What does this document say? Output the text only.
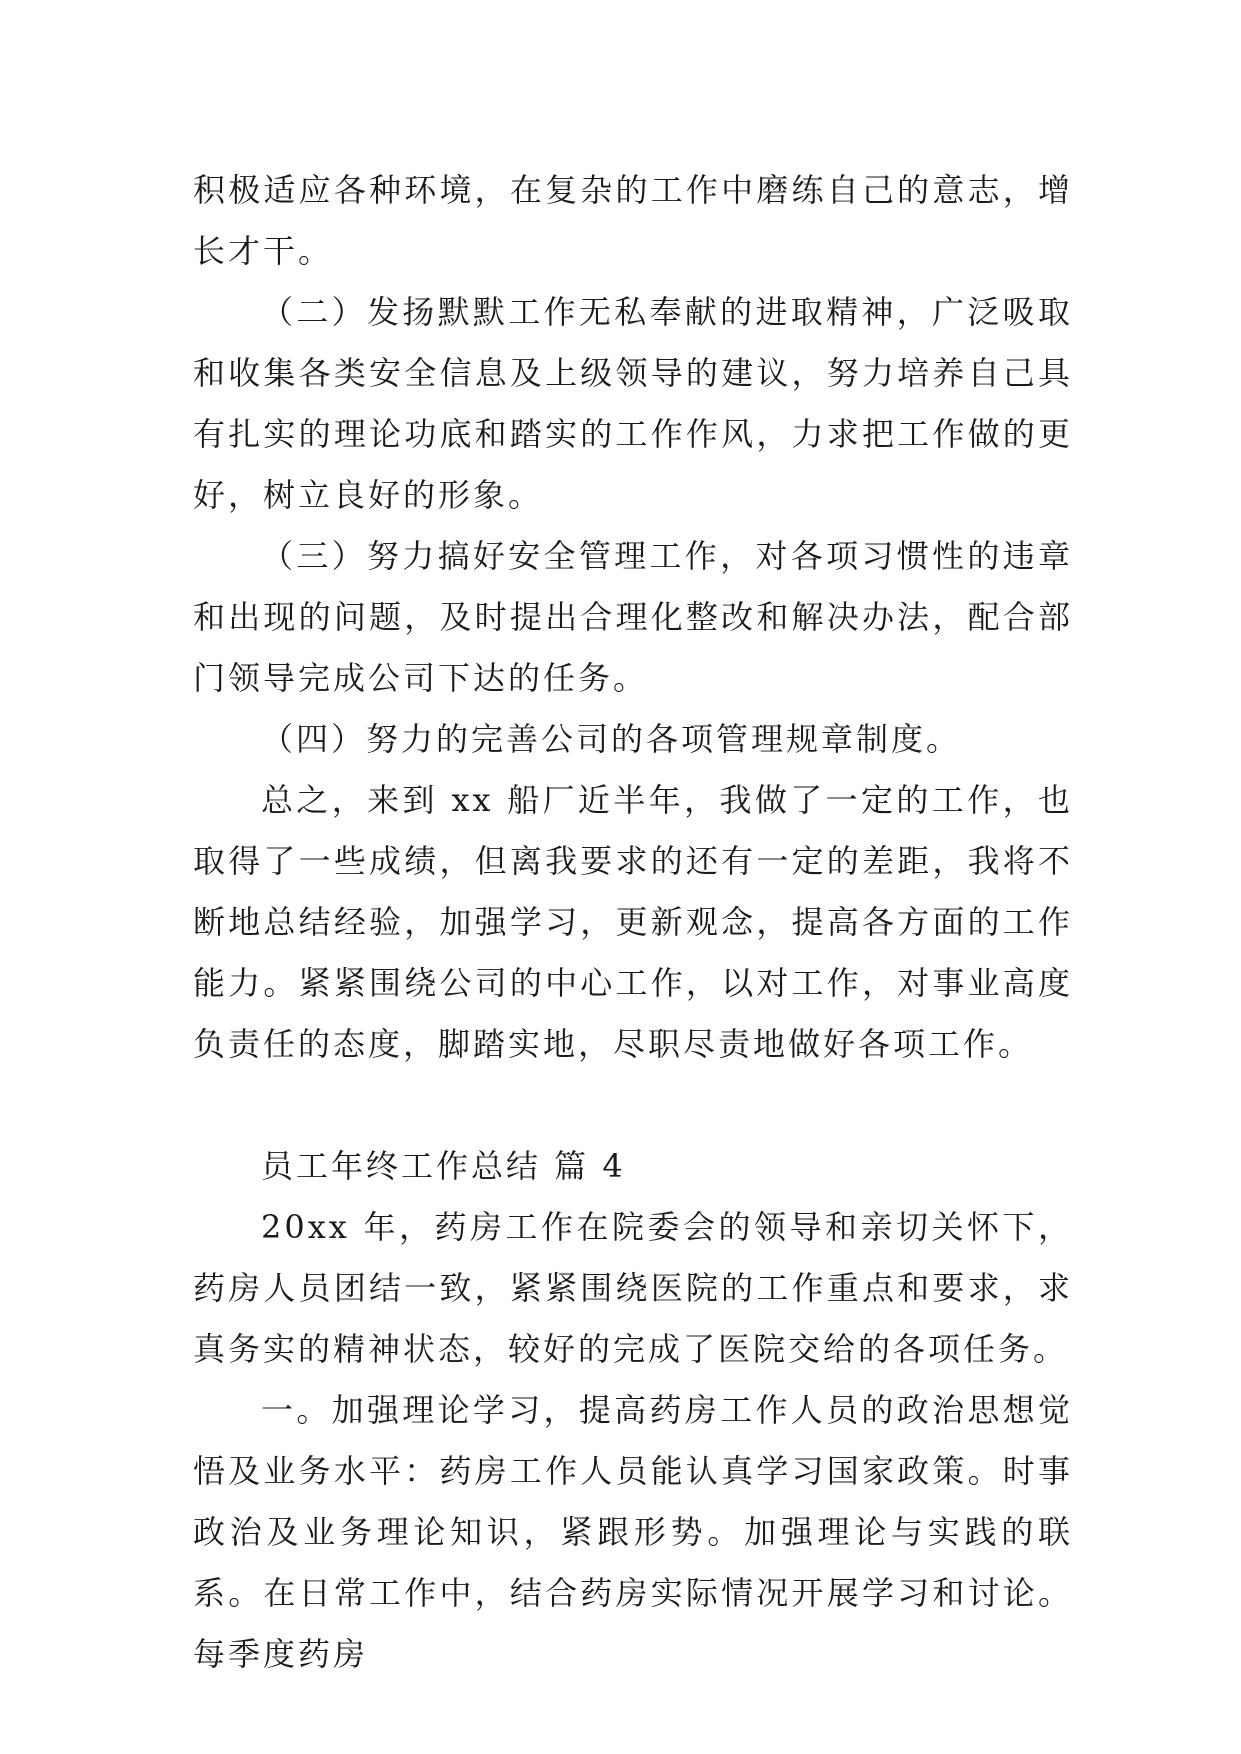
积极适应各种环境，在复杂的工作中磨练自己的意志，增长才干。

（二）发扬默默工作无私奉献的进取精神，广泛吸取和收集各类安全信息及上级领导的建议，努力培养自己具有扎实的理论功底和踏实的工作作风，力求把工作做的更好，树立良好的形象。

（三）努力搞好安全管理工作，对各项习惯性的违章和出现的问题，及时提出合理化整改和解决办法，配合部门领导完成公司下达的任务。

（四）努力的完善公司的各项管理规章制度。

总之，来到 xx 船厂近半年，我做了一定的工作，也取得了一些成绩，但离我要求的还有一定的差距，我将不断地总结经验，加强学习，更新观念，提高各方面的工作能力。紧紧围绕公司的中心工作，以对工作，对事业高度负责任的态度，脚踏实地，尽职尽责地做好各项工作。

员工年终工作总结 篇 4

20xx 年，药房工作在院委会的领导和亲切关怀下，药房人员团结一致，紧紧围绕医院的工作重点和要求，求真务实的精神状态，较好的完成了医院交给的各项任务。

一。加强理论学习，提高药房工作人员的政治思想觉悟及业务水平：药房工作人员能认真学习国家政策。时事政治及业务理论知识，紧跟形势。加强理论与实践的联系。在日常工作中，结合药房实际情况开展学习和讨论。每季度药房
